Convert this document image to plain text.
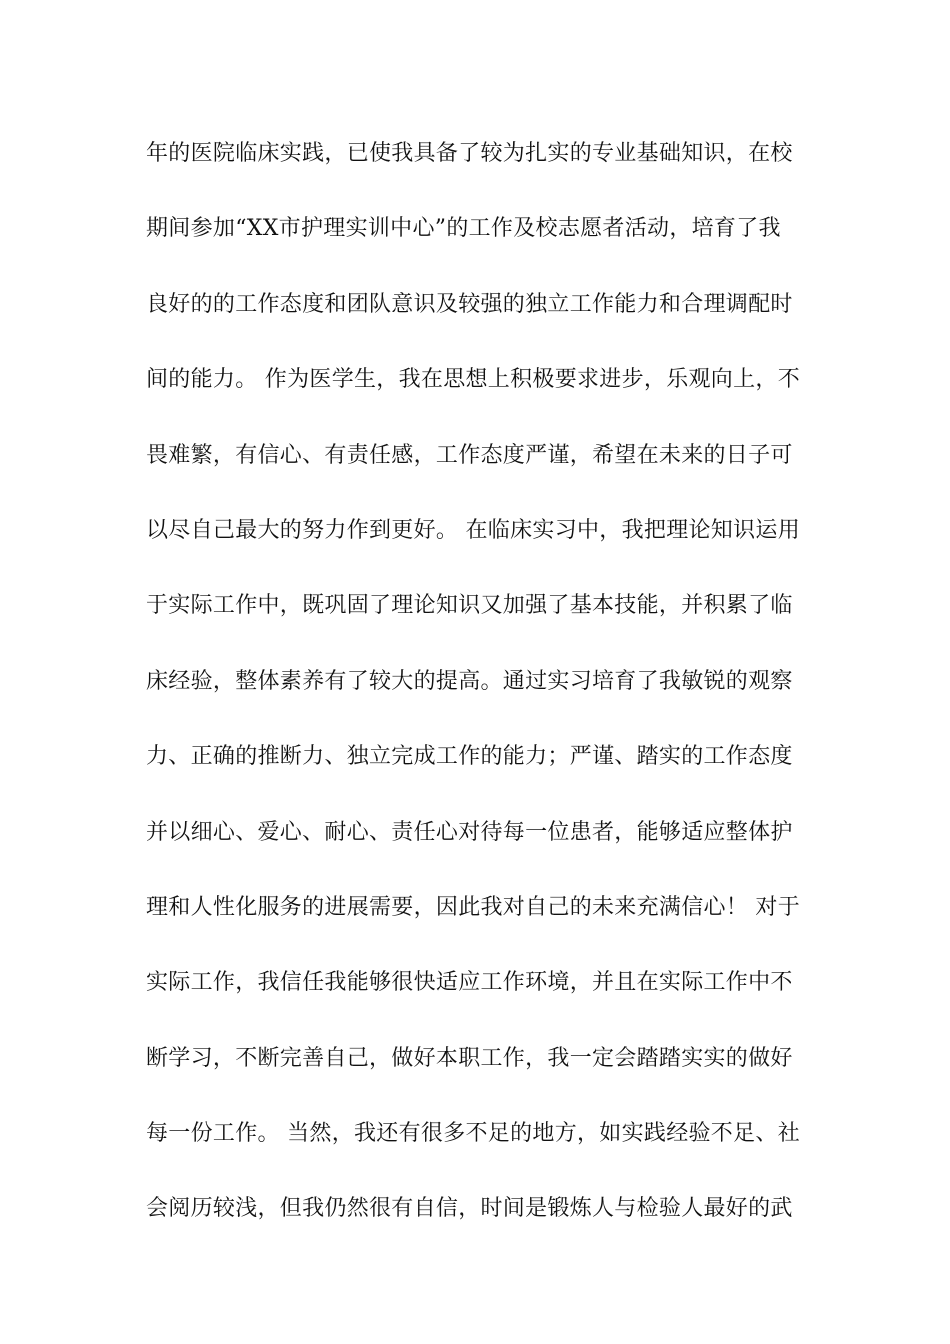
年的医院临床实践，已使我具备了较为扎实的专业基础知识，在校
期间参加“XX市护理实训中心”的工作及校志愿者活动，培育了我
良好的的工作态度和团队意识及较强的独立工作能力和合理调配时
间的能力。 作为医学生，我在思想上积极要求进步，乐观向上，不
畏难繁，有信心、有责任感，工作态度严谨，希望在未来的日子可
以尽自己最大的努力作到更好。 在临床实习中，我把理论知识运用
于实际工作中，既巩固了理论知识又加强了基本技能，并积累了临
床经验，整体素养有了较大的提高。通过实习培育了我敏锐的观察
力、正确的推断力、独立完成工作的能力；严谨、踏实的工作态度
并以细心、爱心、耐心、责任心对待每一位患者，能够适应整体护
理和人性化服务的进展需要，因此我对自己的未来充满信心！ 对于
实际工作，我信任我能够很快适应工作环境，并且在实际工作中不
断学习，不断完善自己，做好本职工作，我一定会踏踏实实的做好
每一份工作。 当然，我还有很多不足的地方，如实践经验不足、社
会阅历较浅，但我仍然很有自信，时间是锻炼人与检验人最好的武
